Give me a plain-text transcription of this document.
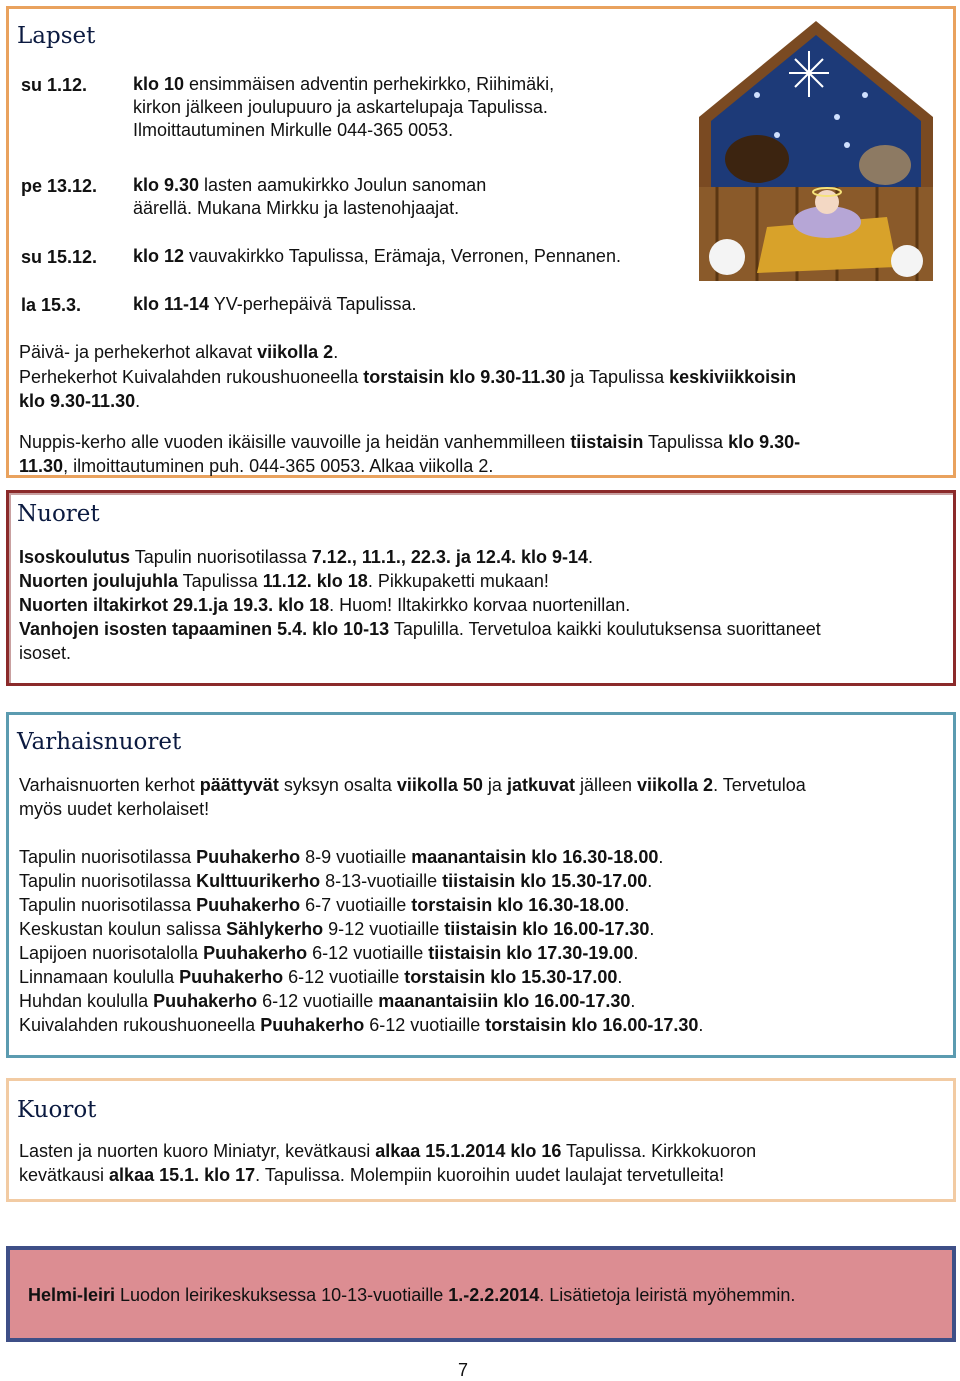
Lapset
su 1.12.	klo 10 ensimmäisen adventin perhekirkko, Riihimäki,
kirkon jälkeen joulupuuro ja askartelupaja Tapulissa.
Ilmoittautuminen Mirkulle 044-365 0053.
pe 13.12. klo 9.30 lasten aamukirkko Joulun sanoman
äärellä. Mukana Mirkku ja lastenohjaajat.
su 15.12. klo 12 vauvakirkko Tapulissa, Erämaja, Verronen, Pennanen.
la 15.3.	klo 11-14 YV-perhepäivä Tapulissa.
Päivä- ja perhekerhot alkavat viikolla 2.
Perhekerhot Kuivalahden rukoushuoneella torstaisin klo 9.30-11.30 ja Tapulissa keskiviikkoisin
klo 9.30-11.30.
Nuppis-kerho alle vuoden ikäisille vauvoille ja heidän vanhemmilleen tiistaisin Tapulissa klo 9.30-
11.30, ilmoittautuminen puh. 044-365 0053. Alkaa viikolla 2.
Nuoret
Isoskoulutus Tapulin nuorisotilassa 7.12., 11.1., 22.3. ja 12.4. klo 9-14.
Nuorten joulujuhla Tapulissa 11.12. klo 18. Pikkupaketti mukaan!
Nuorten iltakirkot 29.1.ja 19.3. klo 18. Huom! Iltakirkko korvaa nuortenillan.
Vanhojen isosten tapaaminen 5.4. klo 10-13 Tapulilla. Tervetuloa kaikki koulutuksensa suorittaneet
isoset.
Varhaisnuoret
Varhaisnuorten kerhot päättyvät syksyn osalta viikolla 50 ja jatkuvat jälleen viikolla 2. Tervetuloa
myös uudet kerholaiset!
Tapulin nuorisotilassa Puuhakerho 8-9 vuotiaille maanantaisin klo 16.30-18.00.
Tapulin nuorisotilassa Kulttuurikerho 8-13-vuotiaille tiistaisin klo 15.30-17.00.
Tapulin nuorisotilassa Puuhakerho 6-7 vuotiaille torstaisin klo 16.30-18.00.
Keskustan koulun salissa Sählykerho 9-12 vuotiaille tiistaisin klo 16.00-17.30.
Lapijoen nuorisotalolla Puuhakerho 6-12 vuotiaille tiistaisin klo 17.30-19.00.
Linnamaan koululla Puuhakerho 6-12 vuotiaille torstaisin klo 15.30-17.00.
Huhdan koululla Puuhakerho 6-12 vuotiaille maanantaisiin klo 16.00-17.30.
Kuivalahden rukoushuoneella Puuhakerho 6-12 vuotiaille torstaisin klo 16.00-17.30.
Kuorot
Lasten ja nuorten kuoro Miniatyr, kevätkausi alkaa 15.1.2014 klo 16 Tapulissa. Kirkkokuoron
kevätkausi alkaa 15.1. klo 17. Tapulissa. Molempiin kuoroihin uudet laulajat tervetulleita!
Helmi-leiri Luodon leirikeskuksessa 10-13-vuotiaille 1.-2.2.2014. Lisätietoja leiristä myöhemmin.
7
